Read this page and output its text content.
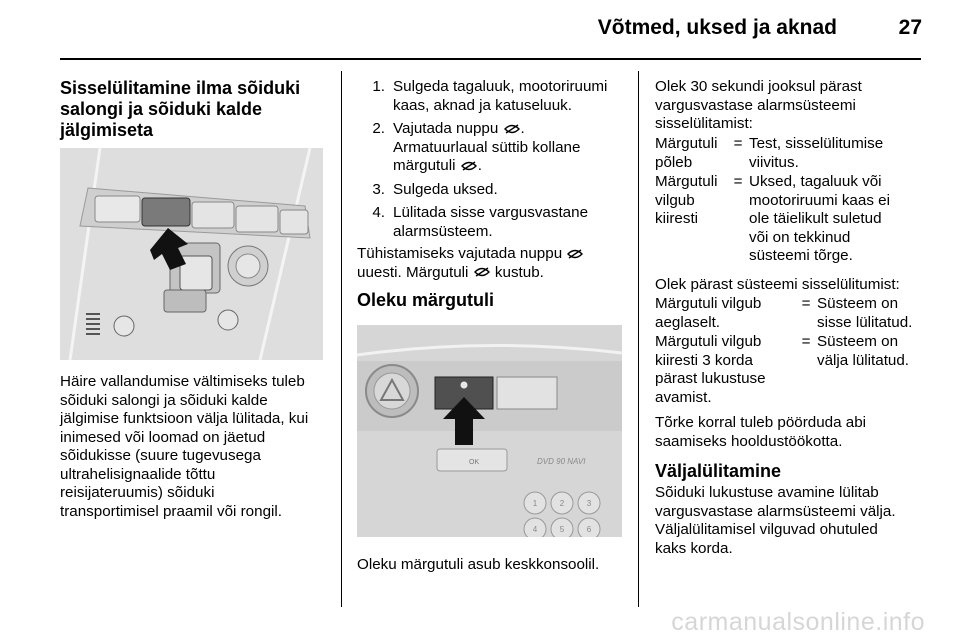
Võtmed, uksed ja aknad	27
Sisselülitamine ilma sõiduki
salongi ja sõiduki kalde
jälgimiseta
Häire vallandumise vältimiseks tuleb
sõiduki salongi ja sõiduki kalde
jälgimise funktsioon välja lülitada, kui
inimesed või loomad on jäetud
sõidukisse (suure tugevusega
ultrahelisignaalide tõttu
reisijateruumis) sõiduki
transportimisel praamil või rongil.
1. Sulgeda tagaluuk, mootoriruumi
kaas, aknad ja katuseluuk.
2. Vajutada nuppu .
Armatuurlaual süttib kollane
märgutuli .
3. Sulgeda uksed.
4. Lülitada sisse vargusvastane
alarmsüsteem.
Tühistamiseks vajutada nuppu
uuesti. Märgutuli kustub.
Oleku märgutuli
OK	DVD 90 NAVI
1	2	3
4	5	6
Oleku märgutuli asub keskkonsoolil.
Olek 30 sekundi jooksul pärast
vargusvastase alarmsüsteemi
sisselülitamist:
Märgutuli
põleb
= Test, sisselülitumise
viivitus.
Märgutuli
vilgub
kiiresti
= Uksed, tagaluuk või
mootoriruumi kaas ei
ole täielikult suletud
või on tekkinud
süsteemi tõrge.
Olek pärast süsteemi sisselülitumist:
Märgutuli vilgub
aeglaselt.
= Süsteem on
sisse lülitatud.
Märgutuli vilgub
kiiresti 3 korda
pärast lukustuse
avamist.
= Süsteem on
välja lülitatud.
Tõrke korral tuleb pöörduda abi
saamiseks hooldustöökotta.
Väljalülitamine
Sõiduki lukustuse avamine lülitab
vargusvastase alarmsüsteemi välja.
Väljalülitamisel vilguvad ohutuled
kaks korda.
carmanualsonline.info
